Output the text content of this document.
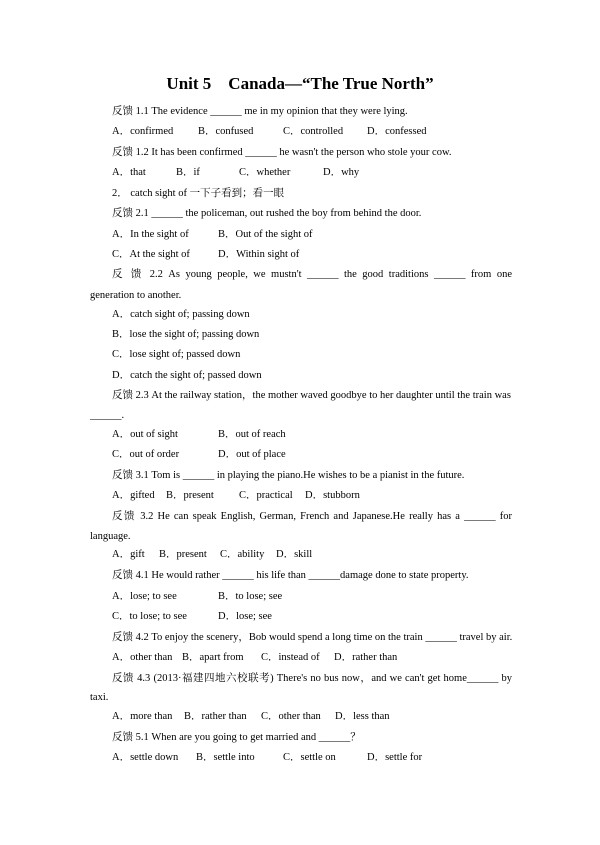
Unit 5    Canada—“The True North”
反馈 1.1 The evidence ______ me in my opinion that they were lying.
A．confirmed B．confused	C．controlled D．confessed
反馈 1.2 It has been confirmed ______ he wasn't the person who stole your cow.
A．that	B．if	C．whether	D．why
2． catch sight of 一下子看到；看一眼
反馈 2.1 ______ the policeman, out rushed the boy from behind the door.
A．In the sight of	B．Out of the sight of
C．At the sight of	D．Within sight of
反 馈 2.2 As young people, we mustn't ______ the good traditions ______ from one
generation to another.
A．catch sight of; passing down
B．lose the sight of; passing down
C．lose sight of; passed down
D．catch the sight of; passed down
反馈 2.3 At the railway station，the mother waved goodbye to her daughter until the train was
______.
A．out of sight	B．out of reach
C．out of order	D．out of place
反馈 3.1 Tom is ______ in playing the piano.He wishes to be a pianist in the future.
A．gifted B．present C．practical D．stubborn
反馈 3.2 He can speak English, German, French and Japanese.He really has a ______ for
language.
A．gift B．present C．ability D．skill
反馈 4.1 He would rather ______ his life than ______damage done to state property.
A．lose; to see	B．to lose; see
C．to lose; to see	D．lose; see
反馈 4.2 To enjoy the scenery，Bob would spend a long time on the train ______ travel by air.
A．other than B．apart from C．instead of D．rather than
反馈 4.3 (2013·福建四地六校联考) There's no bus now，and we can't get home______ by
taxi.
A．more than B．rather than C．other than D．less than
反馈 5.1 When are you going to get married and ______？
A．settle down B．settle into	C．settle on	D．settle for
